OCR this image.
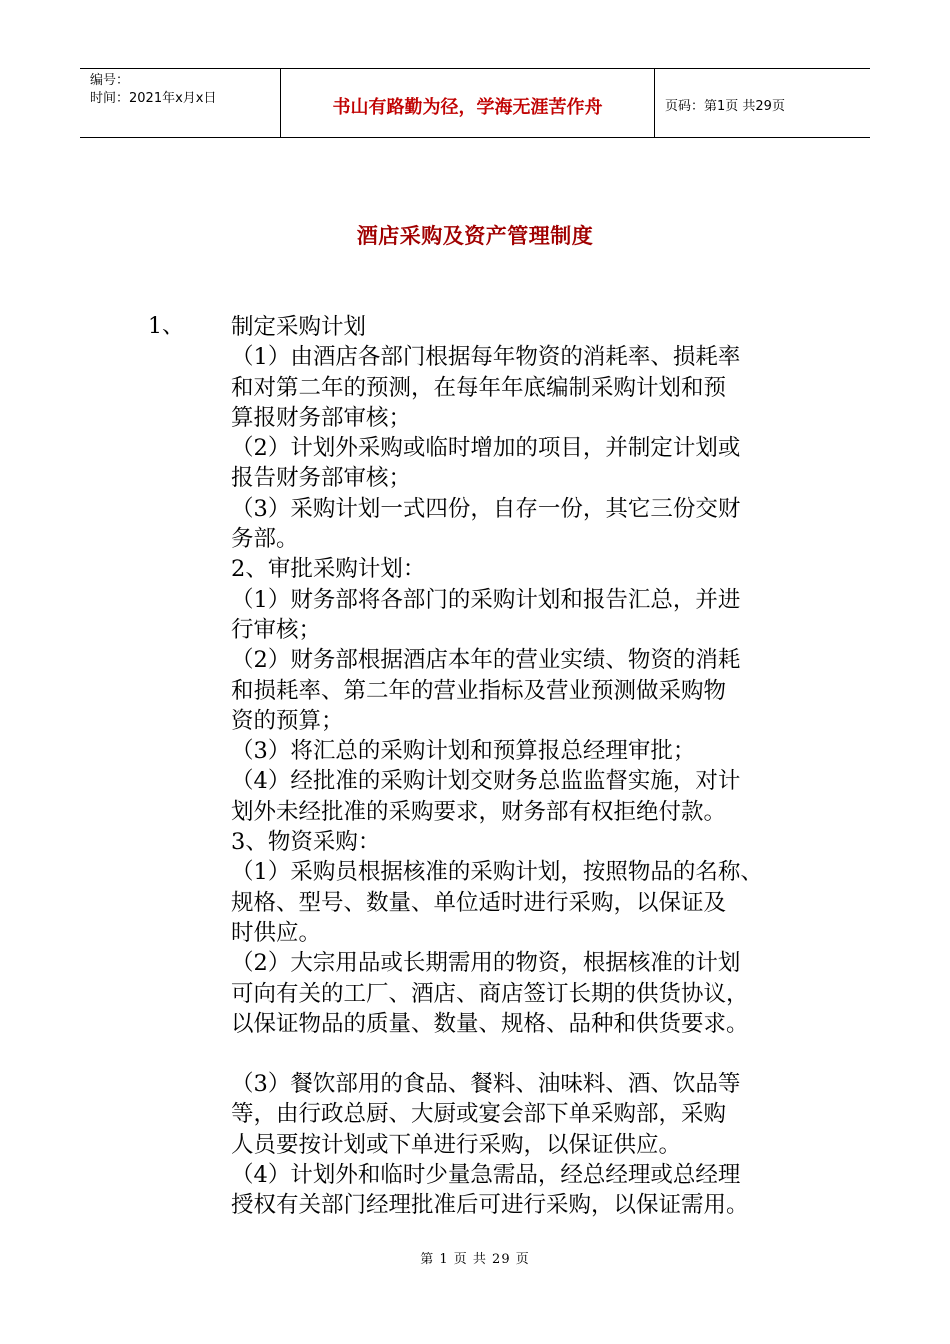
编号：
时间：2021年x月x日	书山有路勤为径，学海无涯苦作舟	页码：第1页 共29页
酒店采购及资产管理制度
1、 制定采购计划

（1）由酒店各部门根据每年物资的消耗率、损耗率

和对第二年的预测，在每年年底编制采购计划和预

算报财务部审核；

（2）计划外采购或临时增加的项目，并制定计划或

报告财务部审核；

（3）采购计划一式四份，自存一份，其它三份交财

务部。

2、审批采购计划：

（1）财务部将各部门的采购计划和报告汇总，并进

行审核；

（2）财务部根据酒店本年的营业实绩、物资的消耗

和损耗率、第二年的营业指标及营业预测做采购物

资的预算；

（3）将汇总的采购计划和预算报总经理审批；

（4）经批准的采购计划交财务总监监督实施，对计

划外未经批准的采购要求，财务部有权拒绝付款。

3、物资采购：

（1）采购员根据核准的采购计划，按照物品的名称、

规格、型号、数量、单位适时进行采购，以保证及

时供应。

（2）大宗用品或长期需用的物资，根据核准的计划

可向有关的工厂、酒店、商店签订长期的供货协议，

以保证物品的质量、数量、规格、品种和供货要求。

（3）餐饮部用的食品、餐料、油味料、酒、饮品等

等，由行政总厨、大厨或宴会部下单采购部，采购

人员要按计划或下单进行采购，以保证供应。

（4）计划外和临时少量急需品，经总经理或总经理

授权有关部门经理批准后可进行采购，以保证需用。

第 1 页 共 29 页
